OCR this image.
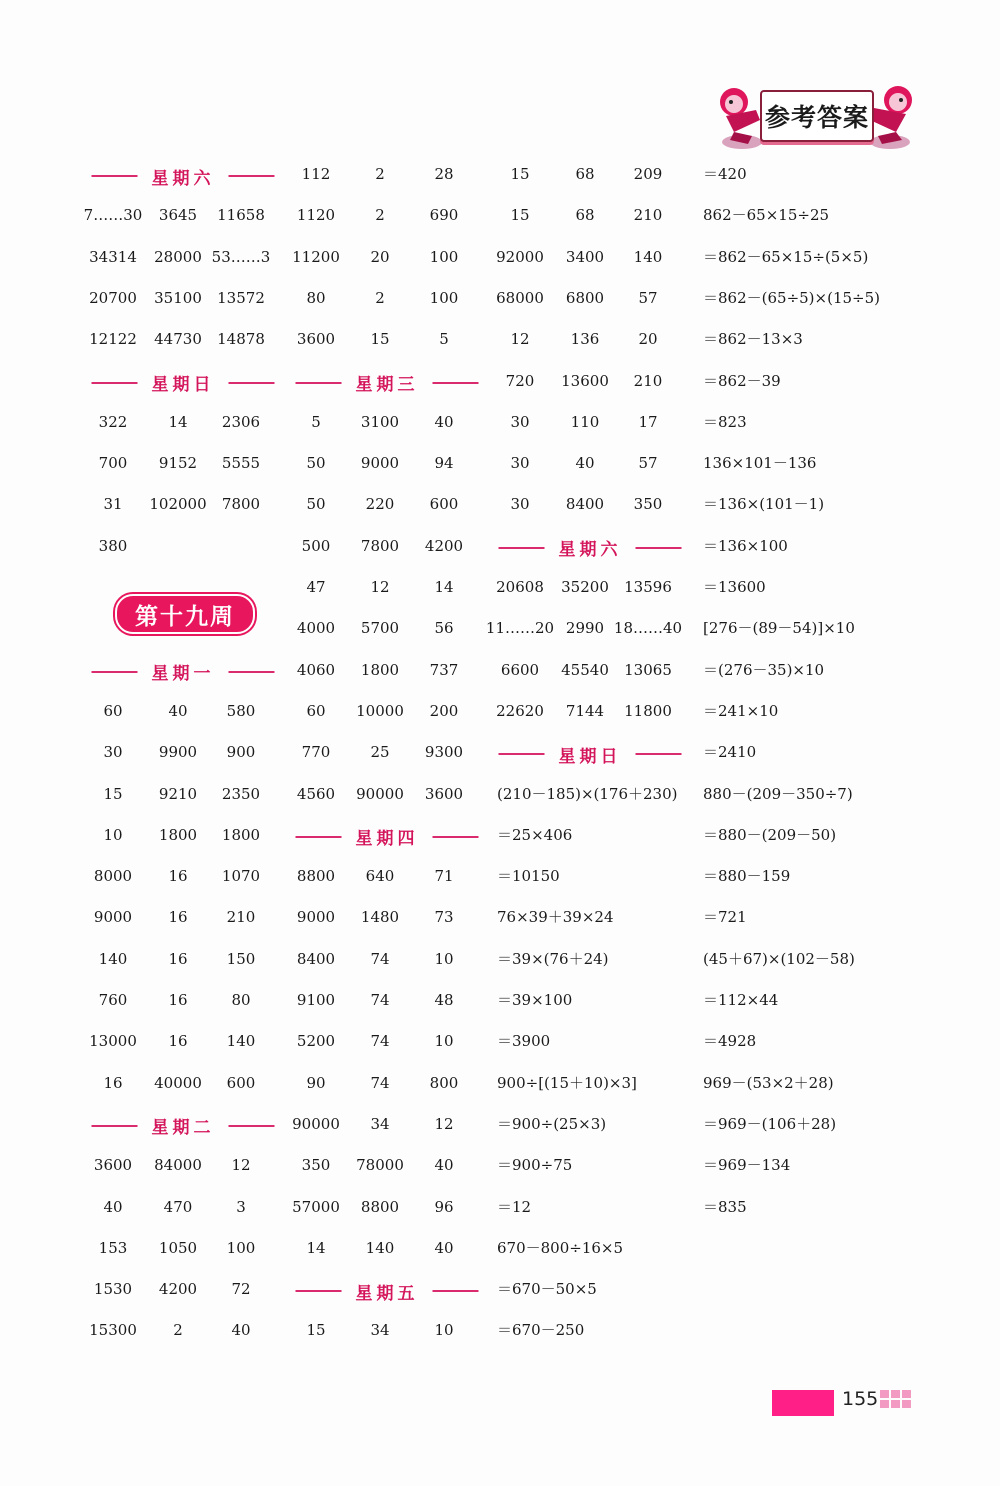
参考答案
星期六
7……30 3645 11658
34314 28000 53……3
20700 35100 13572
12122 44730 14878
星期日
322	14 2306
700 9152 5555
31 102000 7800
380
星期一
60	40	580
30 9900 900
15 9210 2350
10 1800 1800
8000 16 1070
9000 16	210
140	16	150
760	16	80
13000 16	140
16 40000 600
星期二
3600 84000 12
40	470	3
153 1050 100
1530 4200 72
15300 2	40
112	2	28
1120	2	690
11200 20	100
80	2	100
3600 15	5
星期三
5	3100 40
50 9000 94
50	220 600
500 7800 4200
47	12	14
4000 5700 56
4060 1800 737
60 10000 200
770	25 9300
4560 90000 3600
星期四
8800 640	71
9000 1480 73
8400 74	10
9100 74	48
5200 74	10
90	74	800
90000 34	12
350 78000 40
57000 8800 96
14	140	40
星期五
15	34	10
15	68	209
15	68	210
92000 3400 140
68000 6800 57
12	136	20
720 13600 210
30	110	17
30	40	57
30 8400 350
星期六
20608 35200 13596
11……20 2990 18……40
6600 45540 13065
22620 7144 11800
星期日
(210－185)×(176＋230)
＝25×406
＝10150
76×39＋39×24
＝39×(76＋24)
＝39×100
＝3900
900÷[(15＋10)×3]
＝900÷(25×3)
＝900÷75
＝12
670－800÷16×5
＝670－50×5
＝670－250
＝420
862－65×15÷25
＝862－65×15÷(5×5)
＝862－(65÷5)×(15÷5)
＝862－13×3
＝862－39
＝823
136×101－136
＝136×(101－1)
＝136×100
＝13600
[276－(89－54)]×10
＝(276－35)×10
＝241×10
＝2410
880－(209－350÷7)
＝880－(209－50)
＝880－159
＝721
(45＋67)×(102－58)
＝112×44
＝4928
969－(53×2＋28)
＝969－(106＋28)
＝969－134
＝835
第十九周
155
